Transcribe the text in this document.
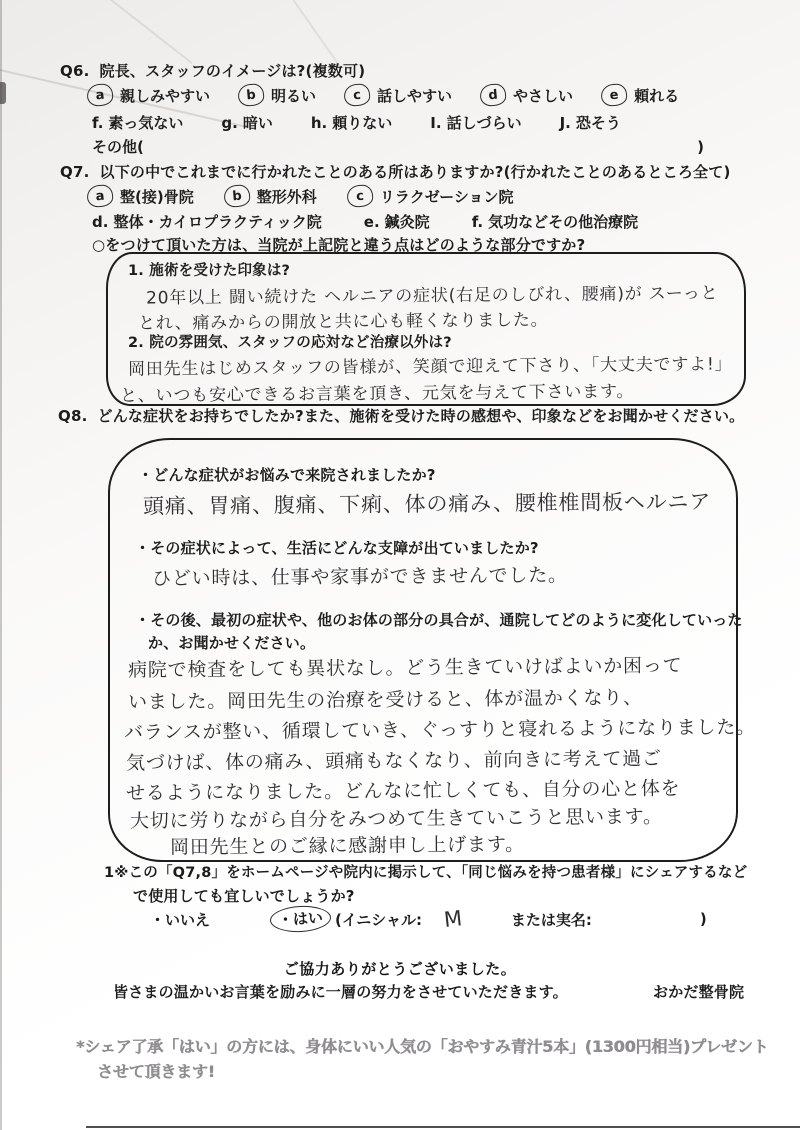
Q6. 院長、スタッフのイメージは?(複数可)
a 親しみやすい	b 明るい	c	話しやすい	d やさしい	e 頼れる
f. 素っ気ない	g. 暗い	h. 頼りない	I. 話しづらい	J. 恐そう
その他(	)
Q7. 以下の中でこれまでに行かれたことのある所はありますか?(行かれたことのあるところ全て)
a 整(接)骨院	b 整形外科	c	リラクゼーション院
d. 整体・カイロプラクティック院	e. 鍼灸院	f. 気功などその他治療院
○をつけて頂いた方は、当院が上記院と違う点はどのような部分ですか?
1. 施術を受けた印象は?
20年以上 闘い続けた ヘルニアの症状(右足のしびれ、腰痛)が スーっと
とれ、痛みからの開放と共に心も軽くなりました。
2. 院の雰囲気、スタッフの応対など治療以外は?
岡田先生はじめスタッフの皆様が、笑顔で迎えて下さり、「大丈夫ですよ!」
と、いつも安心できるお言葉を頂き、元気を与えて下さいます。
Q8. どんな症状をお持ちでしたか?また、施術を受けた時の感想や、印象などをお聞かせください。
・どんな症状がお悩みで来院されましたか?
頭痛、胃痛、腹痛、下痢、体の痛み、腰椎椎間板ヘルニア
・その症状によって、生活にどんな支障が出ていましたか?
ひどい時は、仕事や家事ができませんでした。
・その後、最初の症状や、他のお体の部分の具合が、通院してどのように変化していった
か、お聞かせください。
病院で検査をしても異状なし。どう生きていけばよいか困って
いました。岡田先生の治療を受けると、体が温かくなり、
バランスが整い、循環していき、ぐっすりと寝れるようになりました。
気づけば、体の痛み、頭痛もなくなり、前向きに考えて過ご
せるようになりました。どんなに忙しくても、自分の心と体を
大切に労りながら自分をみつめて生きていこうと思います。
岡田先生とのご縁に感謝申し上げます。
1※この「Q7,8」をホームページや院内に掲示して、「同じ悩みを持つ患者様」にシェアするなど
で使用しても宜しいでしょうか?
・いいえ	・はい (イニシャル: M	または実名:	)
ご協力ありがとうございました。
皆さまの温かいお言葉を励みに一層の努力をさせていただきます。	おかだ整骨院
*シェア了承「はい」の方には、身体にいい人気の「おやすみ青汁5本」(1300円相当)プレゼント
させて頂きます!
